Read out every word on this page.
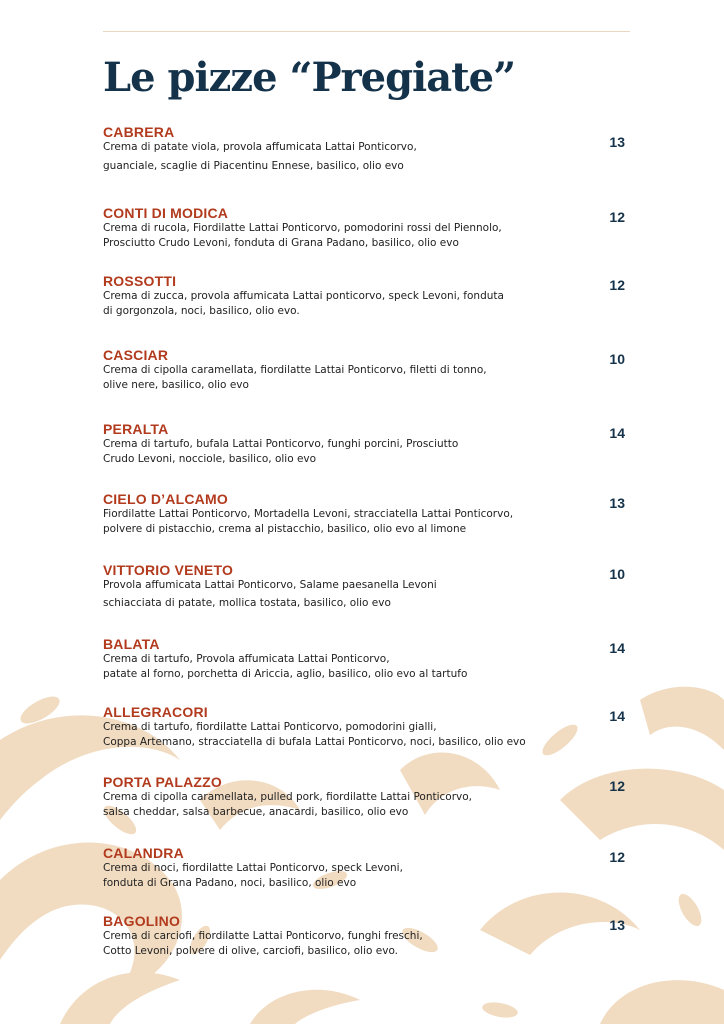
Le pizze “Pregiate”
CABRERA
Crema di patate viola, provola affumicata Lattai Ponticorvo,
guanciale, scaglie di Piacentinu Ennese, basilico, olio evo
13
CONTI DI MODICA
Crema di rucola, Fiordilatte Lattai Ponticorvo, pomodorini rossi del Piennolo,
Prosciutto Crudo Levoni, fonduta di Grana Padano, basilico, olio evo
12
ROSSOTTI
Crema di zucca, provola affumicata Lattai ponticorvo, speck Levoni, fonduta
di gorgonzola, noci, basilico, olio evo.
12
CASCIAR
Crema di cipolla caramellata, fiordilatte Lattai Ponticorvo, filetti di tonno,
olive nere, basilico, olio evo
10
PERALTA
Crema di tartufo, bufala Lattai Ponticorvo, funghi porcini, Prosciutto
Crudo Levoni, nocciole, basilico, olio evo
14
CIELO D’ALCAMO
Fiordilatte Lattai Ponticorvo, Mortadella Levoni, stracciatella Lattai Ponticorvo,
polvere di pistacchio, crema al pistacchio, basilico, olio evo al limone
13
VITTORIO VENETO
Provola affumicata Lattai Ponticorvo, Salame paesanella Levoni
schiacciata di patate, mollica tostata, basilico, olio evo
10
BALATA
Crema di tartufo, Provola affumicata Lattai Ponticorvo,
patate al forno, porchetta di Ariccia, aglio, basilico, olio evo al tartufo
14
ALLEGRACORI
Crema di tartufo, fiordilatte Lattai Ponticorvo, pomodorini gialli,
Coppa Artemano, stracciatella di bufala Lattai Ponticorvo, noci, basilico, olio evo
14
PORTA PALAZZO
Crema di cipolla caramellata, pulled pork, fiordilatte Lattai Ponticorvo,
salsa cheddar, salsa barbecue, anacardi, basilico, olio evo
12
CALANDRA
Crema di noci, fiordilatte Lattai Ponticorvo, speck Levoni,
fonduta di Grana Padano, noci, basilico, olio evo
12
BAGOLINO
Crema di carciofi, fiordilatte Lattai Ponticorvo, funghi freschi,
Cotto Levoni, polvere di olive, carciofi, basilico, olio evo.
13
